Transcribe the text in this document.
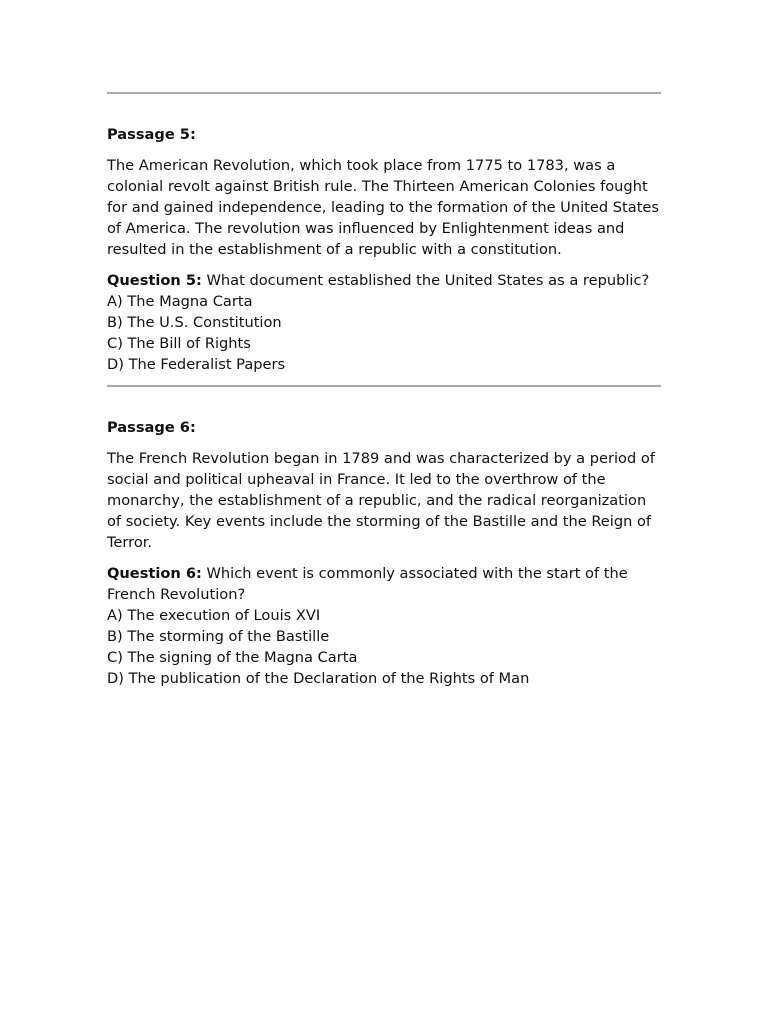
Passage 5:
The American Revolution, which took place from 1775 to 1783, was a colonial revolt against British rule. The Thirteen American Colonies fought for and gained independence, leading to the formation of the United States of America. The revolution was influenced by Enlightenment ideas and resulted in the establishment of a republic with a constitution.
Question 5: What document established the United States as a republic?
A) The Magna Carta
B) The U.S. Constitution
C) The Bill of Rights
D) The Federalist Papers
Passage 6:
The French Revolution began in 1789 and was characterized by a period of social and political upheaval in France. It led to the overthrow of the monarchy, the establishment of a republic, and the radical reorganization of society. Key events include the storming of the Bastille and the Reign of Terror.
Question 6: Which event is commonly associated with the start of the French Revolution?
A) The execution of Louis XVI
B) The storming of the Bastille
C) The signing of the Magna Carta
D) The publication of the Declaration of the Rights of Man
